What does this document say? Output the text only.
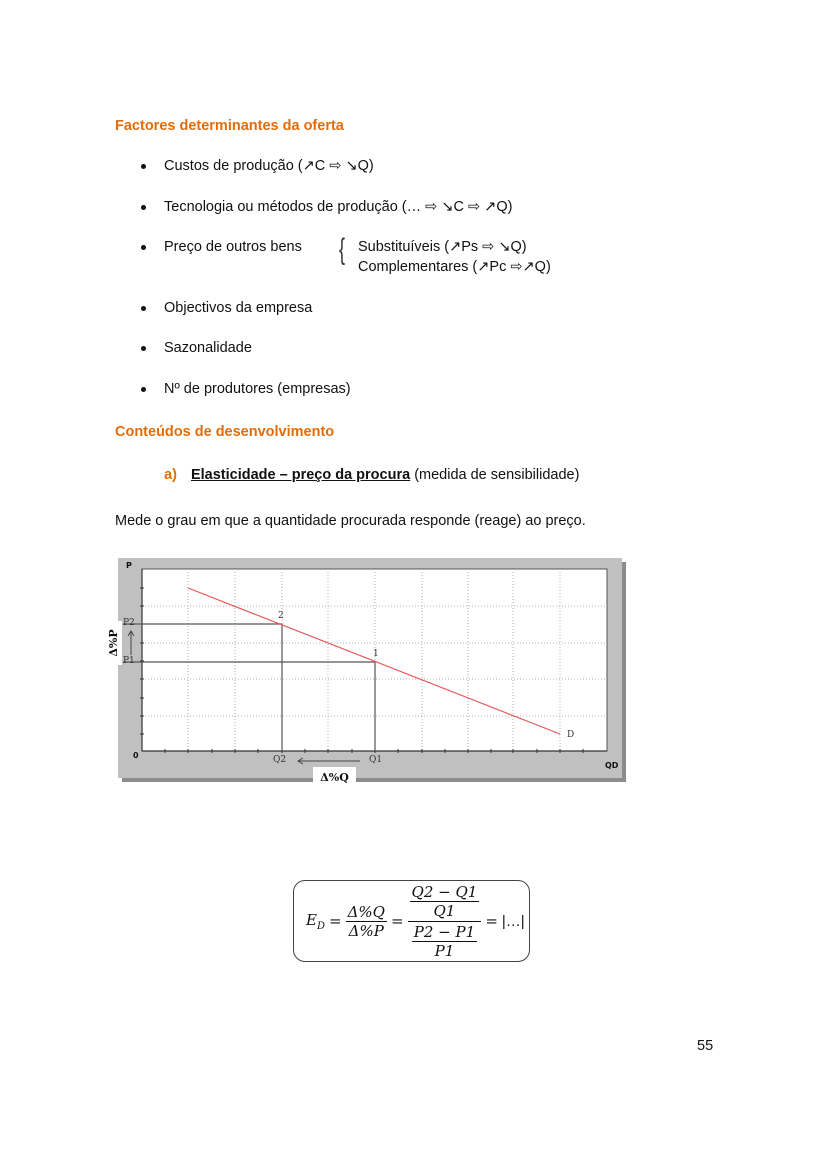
Factores determinantes da oferta
Custos de produção (↗C ⇨ ↘Q)
Tecnologia ou métodos de produção (… ⇨ ↘C ⇨ ↗Q)
Preço de outros bens { Substituíveis (↗Ps ⇨ ↘Q)
Complementares (↗Pc ⇨↗Q)
Objectivos da empresa
Sazonalidade
Nº de produtores (empresas)
Conteúdos de desenvolvimento
a) Elasticidade – preço da procura (medida de sensibilidade)
Mede o grau em que a quantidade procurada responde (reage) ao preço.
P
0
QD
P2
P1
Q2	Q1
2
1
D
Δ%Q
Δ%P
$E_D = \frac{\Delta\%Q}{\Delta\%P} = \frac{\frac{Q2 - Q1}{Q1}}{\frac{P2 - P1}{P1}}$ = |…|
55
